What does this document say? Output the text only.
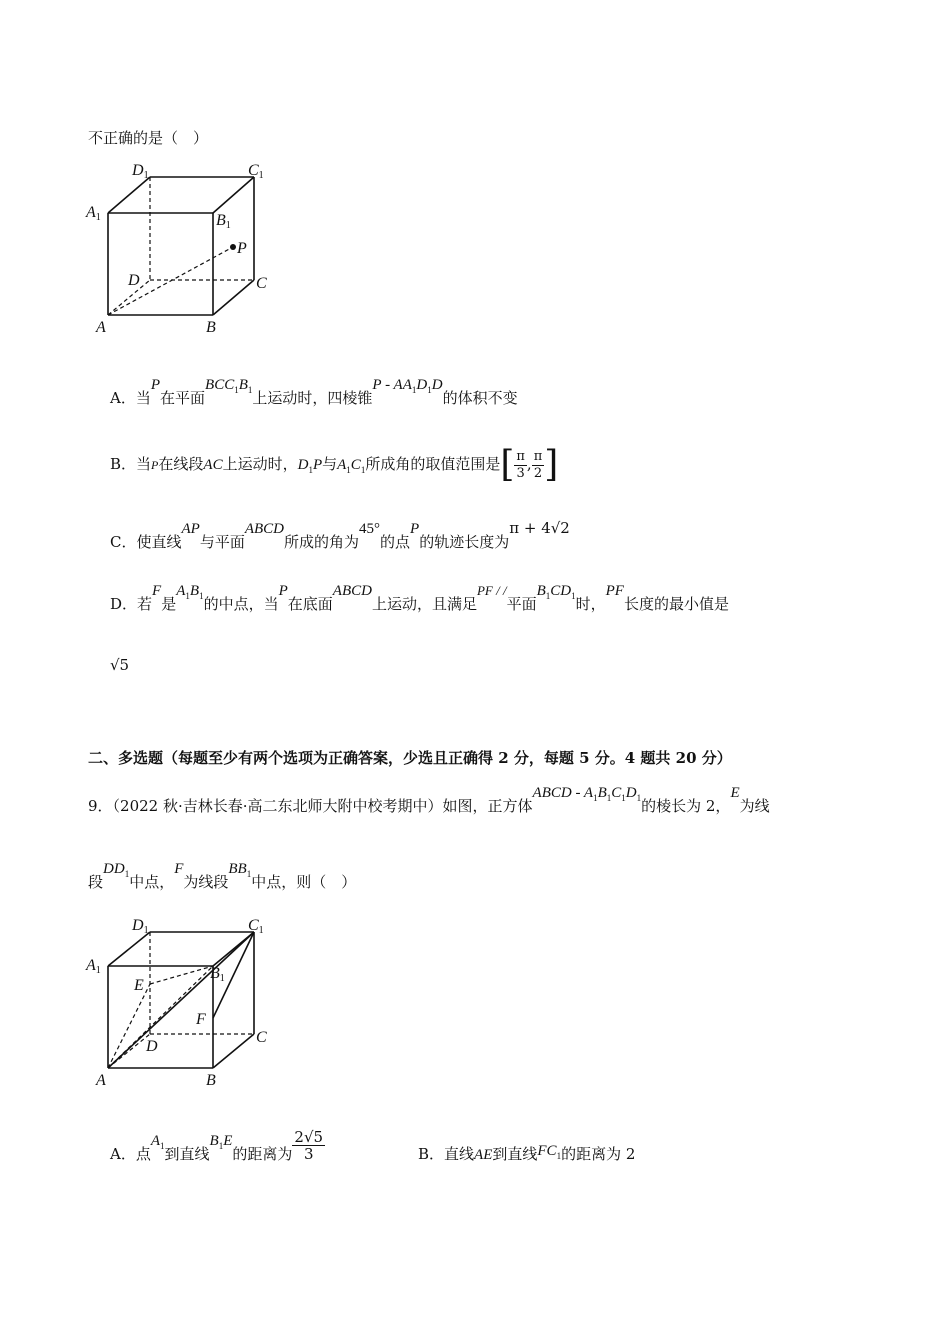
不正确的是（　）
D1	C1
A1	B1
P
D	C
A	B
A．当P在平面$BCC_1B_1$上运动时，四棱锥P - $AA_1D_1D$的体积不变
B．当P在线段AC上运动时，$D_1P$与$A_1C_1$所成角的取值范围是[ $\frac{\pi}{3}$ , $\frac{\pi}{2}$ ]
C．使直线AP与平面ABCD所成的角为45°的点P的轨迹长度为π + 4√2
D．若F是$A_1B_1$的中点，当P在底面ABCD上运动，且满足PF / /平面$B_1CD_1$时，PF长度的最小值是
√5
二、多选题（每题至少有两个选项为正确答案，少选且正确得 2 分，每题 5 分。4 题共 20 分）
9．（2022 秋·吉林长春·高二东北师大附中校考期中）如图，正方体ABCD - $A_1B_1C_1D_1$的棱长为 2，E为线
段$DD_1$中点，F为线段$BB_1$中点，则（　）
D1	C1
A1	B1
E
F
D
C
A	B
A．点$A_1$到直线$B_1E$的距离为 $\frac{2√5}{3}$	B．直线AE到直线$FC_1$的距离为 2
